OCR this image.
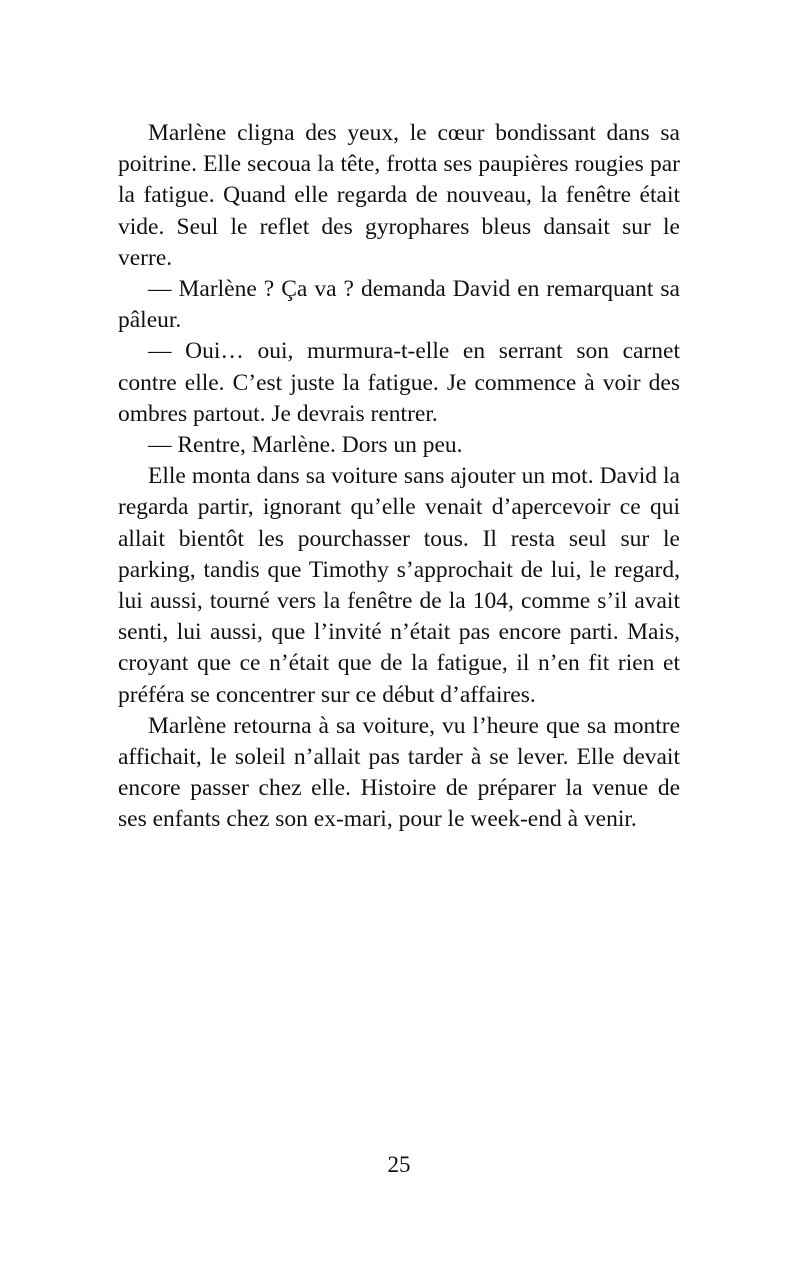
Marlène cligna des yeux, le cœur bondissant dans sa poitrine. Elle secoua la tête, frotta ses paupières rougies par la fatigue. Quand elle regarda de nouveau, la fenêtre était vide. Seul le reflet des gyrophares bleus dansait sur le verre.

— Marlène ? Ça va ? demanda David en remarquant sa pâleur.

— Oui… oui, murmura-t-elle en serrant son carnet contre elle. C’est juste la fatigue. Je commence à voir des ombres partout. Je devrais rentrer.

— Rentre, Marlène. Dors un peu.

Elle monta dans sa voiture sans ajouter un mot. David la regarda partir, ignorant qu’elle venait d’apercevoir ce qui allait bientôt les pourchasser tous. Il resta seul sur le parking, tandis que Timothy s’approchait de lui, le regard, lui aussi, tourné vers la fenêtre de la 104, comme s’il avait senti, lui aussi, que l’invité n’était pas encore parti. Mais, croyant que ce n’était que de la fatigue, il n’en fit rien et préféra se concentrer sur ce début d’affaires.

Marlène retourna à sa voiture, vu l’heure que sa montre affichait, le soleil n’allait pas tarder à se lever. Elle devait encore passer chez elle. Histoire de préparer la venue de ses enfants chez son ex-mari, pour le week-end à venir.

25
